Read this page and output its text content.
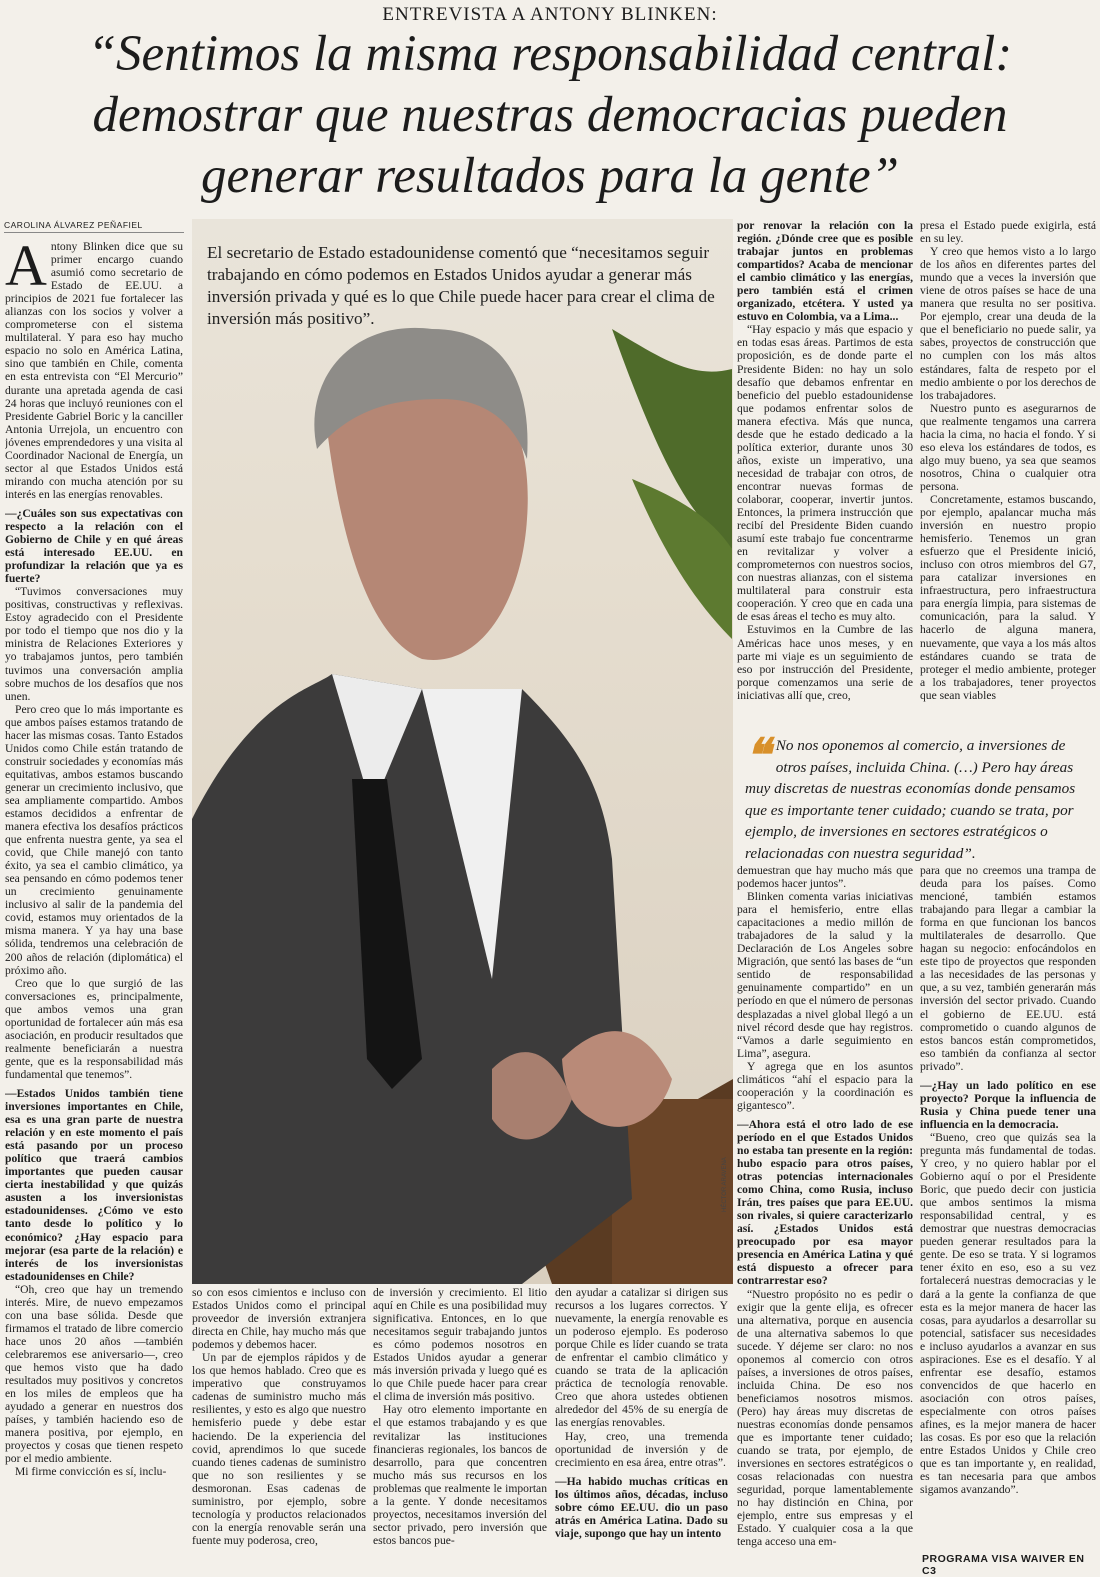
ENTREVISTA A ANTONY BLINKEN:
“Sentimos la misma responsabilidad central:
demostrar que nuestras democracias pueden
generar resultados para la gente”
CAROLINA ÁLVAREZ PEÑAFIEL
El secretario de Estado estadounidense comentó que “necesitamos seguir trabajando en cómo podemos en Estados Unidos ayudar a generar más inversión privada y qué es lo que Chile puede hacer para crear el clima de inversión más positivo”.
HÉCTOR ARAVENA
A ntony Blinken dice que su primer encargo cuando asumió como secretario de Estado de EE.UU. a principios de 2021 fue fortalecer las alianzas con los socios y volver a comprometerse con el sistema multilateral. Y para eso hay mucho espacio no solo en América Latina, sino que también en Chile, comenta en esta entrevista con “El Mercurio” durante una apretada agenda de casi 24 horas que incluyó reuniones con el Presidente Gabriel Boric y la canciller Antonia Urrejola, un encuentro con jóvenes emprendedores y una visita al Coordinador Nacional de Energía, un sector al que Estados Unidos está mirando con mucha atención por su interés en las energías renovables.

—¿Cuáles son sus expectativas con respecto a la relación con el Gobierno de Chile y en qué áreas está interesado EE.UU. en profundizar la relación que ya es fuerte?

“Tuvimos conversaciones muy positivas, constructivas y reflexivas. Estoy agradecido con el Presidente por todo el tiempo que nos dio y la ministra de Relaciones Exteriores y yo trabajamos juntos, pero también tuvimos una conversación amplia sobre muchos de los desafíos que nos unen.

Pero creo que lo más importante es que ambos países estamos tratando de hacer las mismas cosas. Tanto Estados Unidos como Chile están tratando de construir sociedades y economías más equitativas, ambos estamos buscando generar un crecimiento inclusivo, que sea ampliamente compartido. Ambos estamos decididos a enfrentar de manera efectiva los desafíos prácticos que enfrenta nuestra gente, ya sea el covid, que Chile manejó con tanto éxito, ya sea el cambio climático, ya sea pensando en cómo podemos tener un crecimiento genuinamente inclusivo al salir de la pandemia del covid, estamos muy orientados de la misma manera. Y ya hay una base sólida, tendremos una celebración de 200 años de relación (diplomática) el próximo año.

Creo que lo que surgió de las conversaciones es, principalmente, que ambos vemos una gran oportunidad de fortalecer aún más esa asociación, en producir resultados que realmente beneficiarán a nuestra gente, que es la responsabilidad más fundamental que tenemos”.

—Estados Unidos también tiene inversiones importantes en Chile, esa es una gran parte de nuestra relación y en este momento el país está pasando por un proceso político que traerá cambios importantes que pueden causar cierta inestabilidad y que quizás asusten a los inversionistas estadounidenses. ¿Cómo ve esto tanto desde lo político y lo económico? ¿Hay espacio para mejorar (esa parte de la relación) e interés de los inversionistas estadounidenses en Chile?

“Oh, creo que hay un tremendo interés. Mire, de nuevo empezamos con una base sólida. Desde que firmamos el tratado de libre comercio hace unos 20 años —también celebraremos ese aniversario—, creo que hemos visto que ha dado resultados muy positivos y concretos en los miles de empleos que ha ayudado a generar en nuestros dos países, y también haciendo eso de manera positiva, por ejemplo, en proyectos y cosas que tienen respeto por el medio ambiente.

Mi firme convicción es sí, inclu-

so con esos cimientos e incluso con Estados Unidos como el principal proveedor de inversión extranjera directa en Chile, hay mucho más que podemos y debemos hacer.

Un par de ejemplos rápidos y de los que hemos hablado. Creo que es imperativo que construyamos cadenas de suministro mucho más resilientes, y esto es algo que nuestro hemisferio puede y debe estar haciendo. De la experiencia del covid, aprendimos lo que sucede cuando tienes cadenas de suministro que no son resilientes y se desmoronan. Esas cadenas de suministro, por ejemplo, sobre tecnología y productos relacionados con la energía renovable serán una fuente muy poderosa, creo,

de inversión y crecimiento. El litio aquí en Chile es una posibilidad muy significativa. Entonces, en lo que necesitamos seguir trabajando juntos es cómo podemos nosotros en Estados Unidos ayudar a generar más inversión privada y luego qué es lo que Chile puede hacer para crear el clima de inversión más positivo.

Hay otro elemento importante en el que estamos trabajando y es que revitalizar las instituciones financieras regionales, los bancos de desarrollo, para que concentren mucho más sus recursos en los problemas que realmente le importan a la gente. Y donde necesitamos proyectos, necesitamos inversión del sector privado, pero inversión que estos bancos pue-

den ayudar a catalizar si dirigen sus recursos a los lugares correctos. Y nuevamente, la energía renovable es un poderoso ejemplo. Es poderoso porque Chile es líder cuando se trata de enfrentar el cambio climático y cuando se trata de la aplicación práctica de tecnología renovable. Creo que ahora ustedes obtienen alrededor del 45% de su energía de las energías renovables.

Hay, creo, una tremenda oportunidad de inversión y de crecimiento en esa área, entre otras”.

—Ha habido muchas críticas en los últimos años, décadas, incluso sobre cómo EE.UU. dio un paso atrás en América Latina. Dado su viaje, supongo que hay un intento

por renovar la relación con la región. ¿Dónde cree que es posible trabajar juntos en problemas compartidos? Acaba de mencionar el cambio climático y las energías, pero también está el crimen organizado, etcétera. Y usted ya estuvo en Colombia, va a Lima...

“Hay espacio y más que espacio y en todas esas áreas. Partimos de esta proposición, es de donde parte el Presidente Biden: no hay un solo desafío que debamos enfrentar en beneficio del pueblo estadounidense que podamos enfrentar solos de manera efectiva. Más que nunca, desde que he estado dedicado a la política exterior, durante unos 30 años, existe un imperativo, una necesidad de trabajar con otros, de encontrar nuevas formas de colaborar, cooperar, invertir juntos. Entonces, la primera instrucción que recibí del Presidente Biden cuando asumí este trabajo fue concentrarme en revitalizar y volver a comprometernos con nuestros socios, con nuestras alianzas, con el sistema multilateral para construir esta cooperación. Y creo que en cada una de esas áreas el techo es muy alto.

Estuvimos en la Cumbre de las Américas hace unos meses, y en parte mi viaje es un seguimiento de eso por instrucción del Presidente, porque comenzamos una serie de iniciativas allí que, creo,

presa el Estado puede exigirla, está en su ley.

Y creo que hemos visto a lo largo de los años en diferentes partes del mundo que a veces la inversión que viene de otros países se hace de una manera que resulta no ser positiva. Por ejemplo, crear una deuda de la que el beneficiario no puede salir, ya sabes, proyectos de construcción que no cumplen con los más altos estándares, falta de respeto por el medio ambiente o por los derechos de los trabajadores.

Nuestro punto es asegurarnos de que realmente tengamos una carrera hacia la cima, no hacia el fondo. Y si eso eleva los estándares de todos, es algo muy bueno, ya sea que seamos nosotros, China o cualquier otra persona.

Concretamente, estamos buscando, por ejemplo, apalancar mucha más inversión en nuestro propio hemisferio. Tenemos un gran esfuerzo que el Presidente inició, incluso con otros miembros del G7, para catalizar inversiones en infraestructura, pero infraestructura para energía limpia, para sistemas de comunicación, para la salud. Y hacerlo de alguna manera, nuevamente, que vaya a los más altos estándares cuando se trata de proteger el medio ambiente, proteger a los trabajadores, tener proyectos que sean viables

❝ No nos oponemos al comercio, a inversiones de otros países, incluida China. (…) Pero hay áreas muy discretas de nuestras economías donde pensamos que es importante tener cuidado; cuando se trata, por ejemplo, de inversiones en sectores estratégicos o relacionadas con nuestra seguridad”.

demuestran que hay mucho más que podemos hacer juntos”.

Blinken comenta varias iniciativas para el hemisferio, entre ellas capacitaciones a medio millón de trabajadores de la salud y la Declaración de Los Angeles sobre Migración, que sentó las bases de “un sentido de responsabilidad genuinamente compartido” en un período en que el número de personas desplazadas a nivel global llegó a un nivel récord desde que hay registros. “Vamos a darle seguimiento en Lima”, asegura.

Y agrega que en los asuntos climáticos “ahí el espacio para la cooperación y la coordinación es gigantesco”.

—Ahora está el otro lado de ese período en el que Estados Unidos no estaba tan presente en la región: hubo espacio para otros países, otras potencias internacionales como China, como Rusia, incluso Irán, tres países que para EE.UU. son rivales, si quiere caracterizarlo así. ¿Estados Unidos está preocupado por esa mayor presencia en América Latina y qué está dispuesto a ofrecer para contrarrestar eso?

“Nuestro propósito no es pedir o exigir que la gente elija, es ofrecer una alternativa, porque en ausencia de una alternativa sabemos lo que sucede. Y déjeme ser claro: no nos oponemos al comercio con otros países, a inversiones de otros países, incluida China. De eso nos beneficiamos nosotros mismos. (Pero) hay áreas muy discretas de nuestras economías donde pensamos que es importante tener cuidado; cuando se trata, por ejemplo, de inversiones en sectores estratégicos o cosas relacionadas con nuestra seguridad, porque lamentablemente no hay distinción en China, por ejemplo, entre sus empresas y el Estado. Y cualquier cosa a la que tenga acceso una em-

para que no creemos una trampa de deuda para los países. Como mencioné, también estamos trabajando para llegar a cambiar la forma en que funcionan los bancos multilaterales de desarrollo. Que hagan su negocio: enfocándolos en este tipo de proyectos que responden a las necesidades de las personas y que, a su vez, también generarán más inversión del sector privado. Cuando el gobierno de EE.UU. está comprometido o cuando algunos de estos bancos están comprometidos, eso también da confianza al sector privado”.

—¿Hay un lado político en ese proyecto? Porque la influencia de Rusia y China puede tener una influencia en la democracia.

“Bueno, creo que quizás sea la pregunta más fundamental de todas. Y creo, y no quiero hablar por el Gobierno aquí o por el Presidente Boric, que puedo decir con justicia que ambos sentimos la misma responsabilidad central, y es demostrar que nuestras democracias pueden generar resultados para la gente. De eso se trata. Y si logramos tener éxito en eso, eso a su vez fortalecerá nuestras democracias y le dará a la gente la confianza de que esta es la mejor manera de hacer las cosas, para ayudarlos a desarrollar su potencial, satisfacer sus necesidades e incluso ayudarlos a avanzar en sus aspiraciones. Ese es el desafío. Y al enfrentar ese desafío, estamos convencidos de que hacerlo en asociación con otros países, especialmente con otros países afines, es la mejor manera de hacer las cosas. Es por eso que la relación entre Estados Unidos y Chile creo que es tan importante y, en realidad, es tan necesaria para que ambos sigamos avanzando”.

PROGRAMA VISA WAIVER EN C3
